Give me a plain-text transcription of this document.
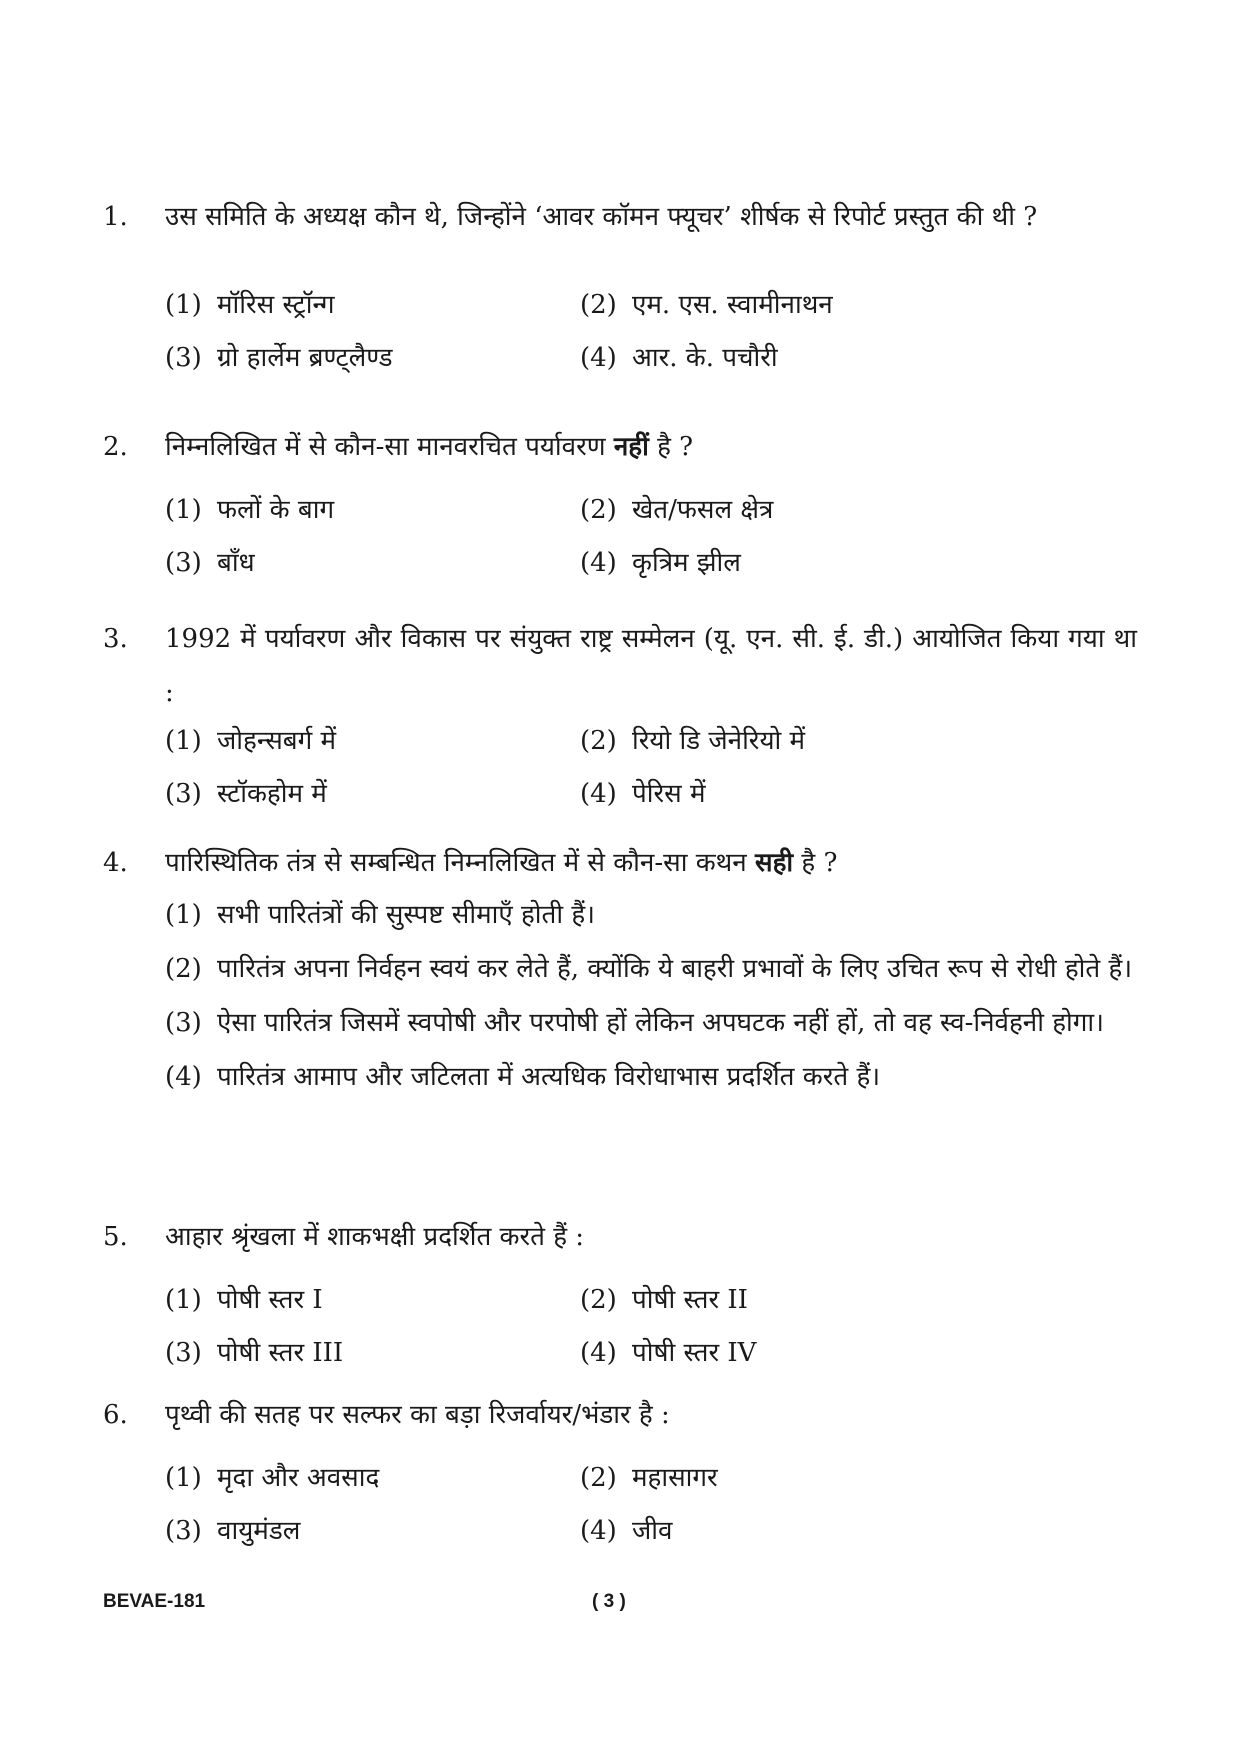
1. उस समिति के अध्यक्ष कौन थे, जिन्होंने ‘आवर कॉमन फ्यूचर’ शीर्षक से रिपोर्ट प्रस्तुत की थी ?
(1) मॉरिस स्ट्रॉन्ग	(2) एम. एस. स्वामीनाथन
(3) ग्रो हार्लेम ब्रण्ट्लैण्ड	(4) आर. के. पचौरी
2. निम्नलिखित में से कौन-सा मानवरचित पर्यावरण नहीं है ?
(1) फलों के बाग	(2) खेत/फसल क्षेत्र
(3) बाँध	(4) कृत्रिम झील
3. 1992 में पर्यावरण और विकास पर संयुक्त राष्ट्र सम्मेलन (यू. एन. सी. ई. डी.) आयोजित किया गया था :
(1) जोहन्सबर्ग में	(2) रियो डि जेनेरियो में
(3) स्टॉकहोम में	(4) पेरिस में
4. पारिस्थितिक तंत्र से सम्बन्धित निम्नलिखित में से कौन-सा कथन सही है ?
(1) सभी पारितंत्रों की सुस्पष्ट सीमाएँ होती हैं।
(2) पारितंत्र अपना निर्वहन स्वयं कर लेते हैं, क्योंकि ये बाहरी प्रभावों के लिए उचित रूप से रोधी होते हैं।
(3) ऐसा पारितंत्र जिसमें स्वपोषी और परपोषी हों लेकिन अपघटक नहीं हों, तो वह स्व-निर्वहनी होगा।
(4) पारितंत्र आमाप और जटिलता में अत्यधिक विरोधाभास प्रदर्शित करते हैं।
5. आहार श्रृंखला में शाकभक्षी प्रदर्शित करते हैं :
(1) पोषी स्तर I	(2) पोषी स्तर II
(3) पोषी स्तर III	(4) पोषी स्तर IV
6. पृथ्वी की सतह पर सल्फर का बड़ा रिजर्वायर/भंडार है :
(1) मृदा और अवसाद	(2) महासागर
(3) वायुमंडल	(4) जीव
BEVAE-181	( 3 )
